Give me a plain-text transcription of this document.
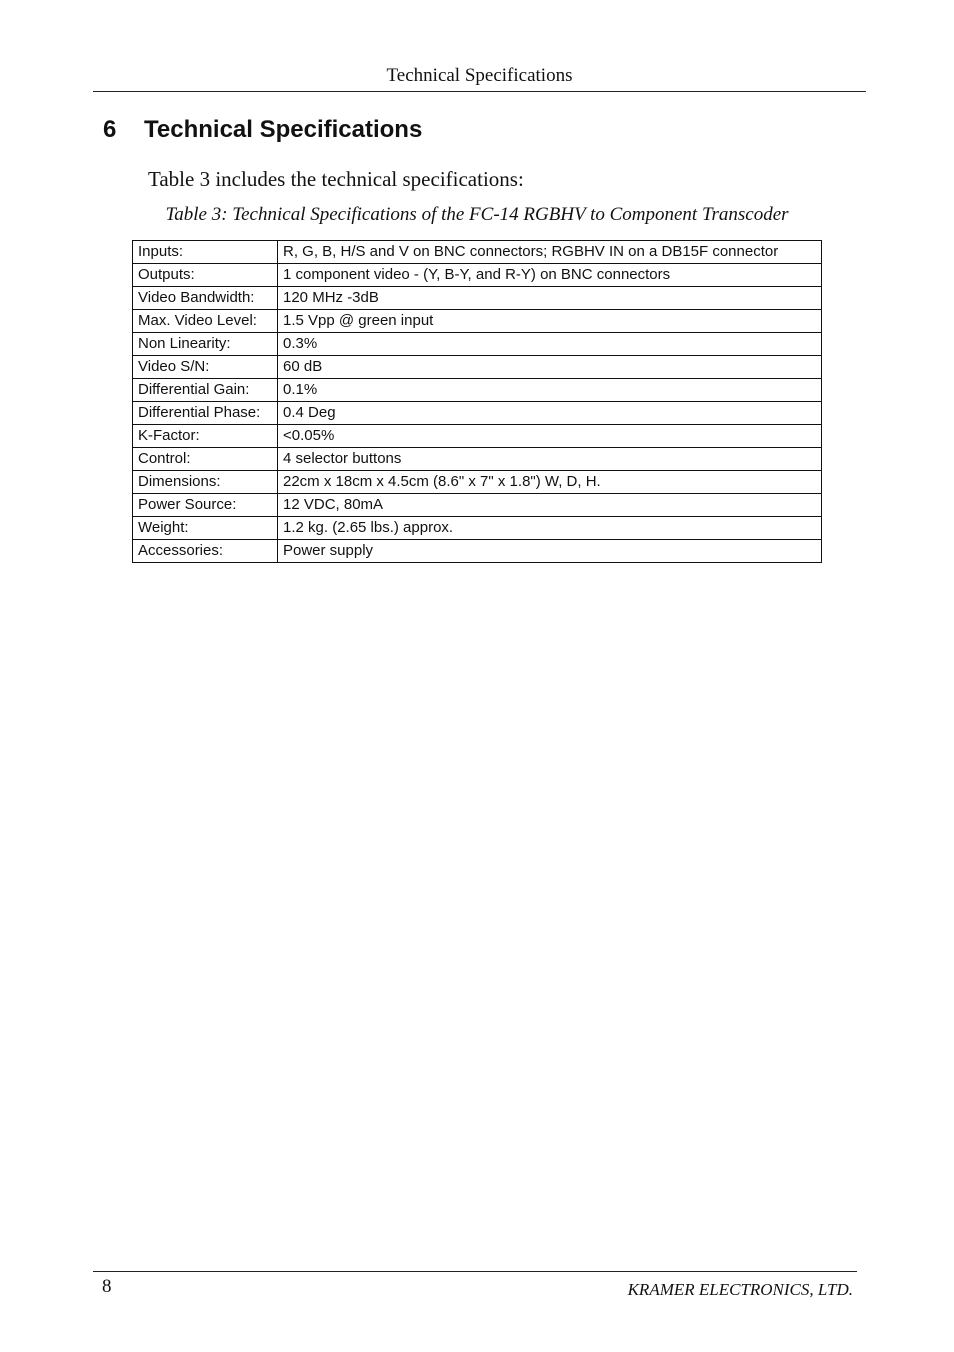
Technical Specifications
6 Technical Specifications

Table 3 includes the technical specifications:

Table 3: Technical Specifications of the FC-14 RGBHV to Component Transcoder

Inputs:	R, G, B, H/S and V on BNC connectors; RGBHV IN on a DB15F connector
Outputs:	1 component video - (Y, B-Y, and R-Y) on BNC connectors
Video Bandwidth:	120 MHz -3dB
Max. Video Level:	1.5 Vpp @ green input
Non Linearity:	0.3%
Video S/N:	60 dB
Differential Gain:	0.1%
Differential Phase:	0.4 Deg
K-Factor:	<0.05%
Control:	4 selector buttons
Dimensions:	22cm x 18cm x 4.5cm (8.6" x 7" x 1.8") W, D, H.
Power Source:	12 VDC, 80mA
Weight:	1.2 kg. (2.65 lbs.) approx.
Accessories:	Power supply
8	KRAMER ELECTRONICS, LTD.
